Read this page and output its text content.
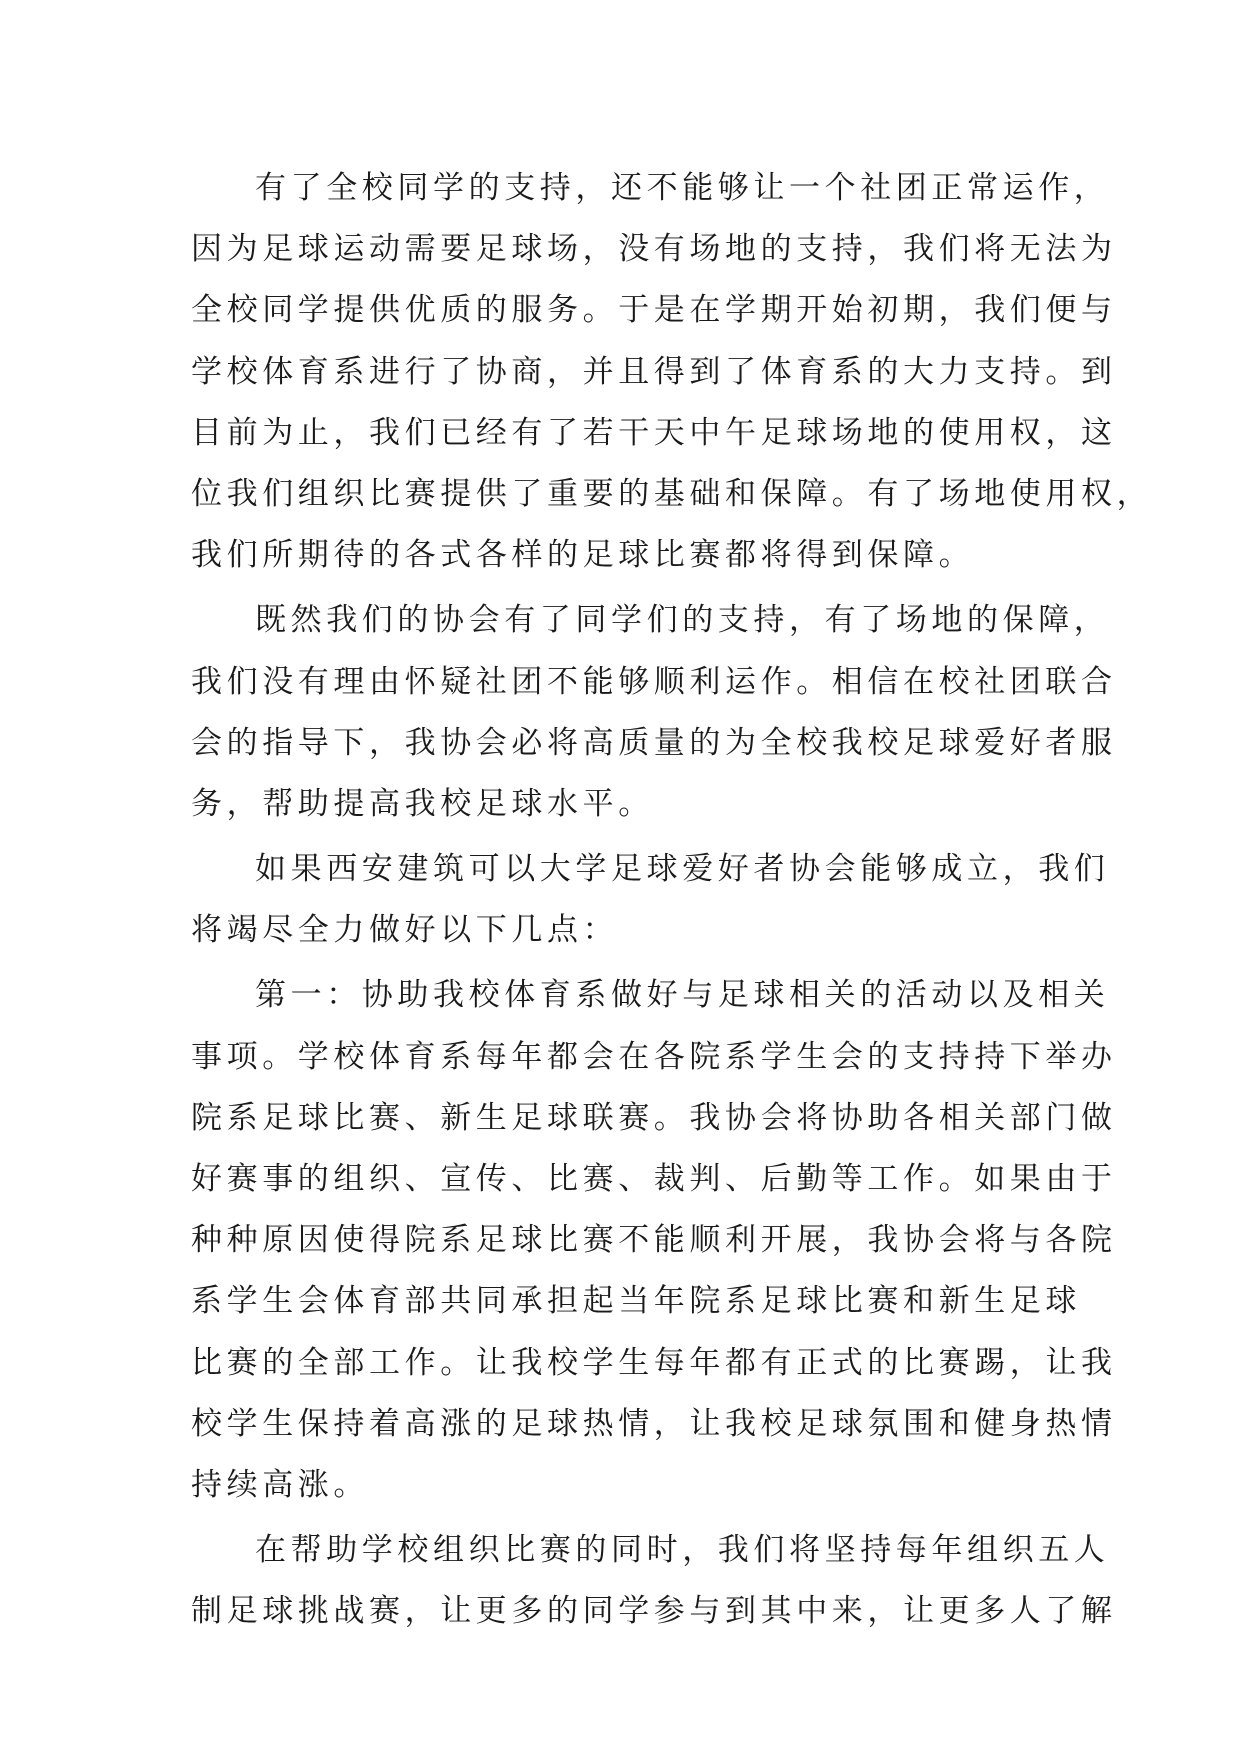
有了全校同学的支持，还不能够让一个社团正常运作，
因为足球运动需要足球场，没有场地的支持，我们将无法为
全校同学提供优质的服务。于是在学期开始初期，我们便与
学校体育系进行了协商，并且得到了体育系的大力支持。到
目前为止，我们已经有了若干天中午足球场地的使用权，这
位我们组织比赛提供了重要的基础和保障。有了场地使用权，
我们所期待的各式各样的足球比赛都将得到保障。
既然我们的协会有了同学们的支持，有了场地的保障，
我们没有理由怀疑社团不能够顺利运作。相信在校社团联合
会的指导下，我协会必将高质量的为全校我校足球爱好者服
务，帮助提高我校足球水平。
如果西安建筑可以大学足球爱好者协会能够成立，我们
将竭尽全力做好以下几点：
第一：协助我校体育系做好与足球相关的活动以及相关
事项。学校体育系每年都会在各院系学生会的支持持下举办
院系足球比赛、新生足球联赛。我协会将协助各相关部门做
好赛事的组织、宣传、比赛、裁判、后勤等工作。如果由于
种种原因使得院系足球比赛不能顺利开展，我协会将与各院
系学生会体育部共同承担起当年院系足球比赛和新生足球
比赛的全部工作。让我校学生每年都有正式的比赛踢，让我
校学生保持着高涨的足球热情，让我校足球氛围和健身热情
持续高涨。
在帮助学校组织比赛的同时，我们将坚持每年组织五人
制足球挑战赛，让更多的同学参与到其中来，让更多人了解
